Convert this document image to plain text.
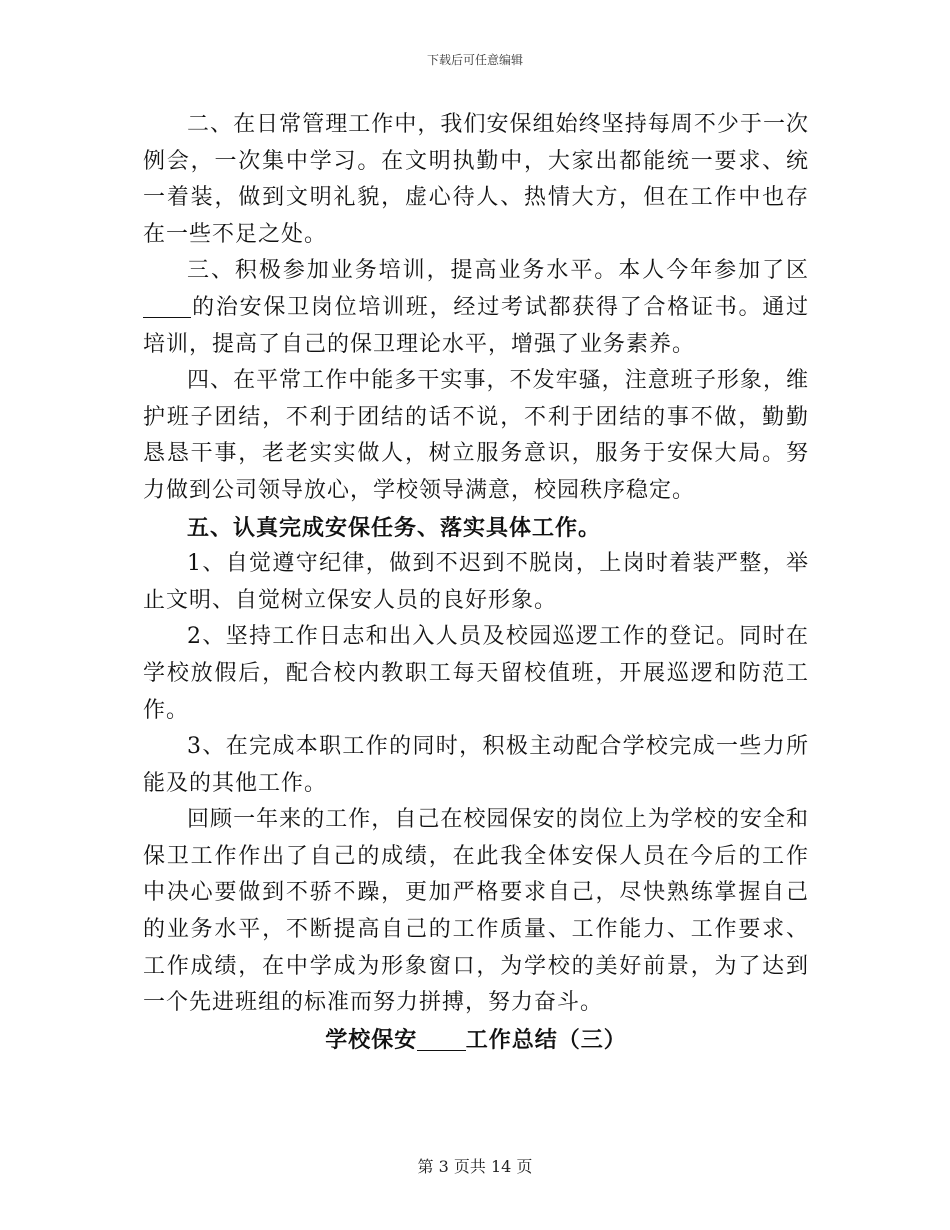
下载后可任意编辑

二、在日常管理工作中，我们安保组始终坚持每周不少于一次例会，一次集中学习。在文明执勤中，大家出都能统一要求、统一着装，做到文明礼貌，虚心待人、热情大方，但在工作中也存在一些不足之处。

三、积极参加业务培训，提高业务水平。本人今年参加了区的治安保卫岗位培训班，经过考试都获得了合格证书。通过培训，提高了自己的保卫理论水平，增强了业务素养。

四、在平常工作中能多干实事，不发牢骚，注意班子形象，维护班子团结，不利于团结的话不说，不利于团结的事不做，勤勤恳恳干事，老老实实做人，树立服务意识，服务于安保大局。努力做到公司领导放心，学校领导满意，校园秩序稳定。

五、认真完成安保任务、落实具体工作。

1、自觉遵守纪律，做到不迟到不脱岗，上岗时着装严整，举止文明、自觉树立保安人员的良好形象。

2、坚持工作日志和出入人员及校园巡逻工作的登记。同时在学校放假后，配合校内教职工每天留校值班，开展巡逻和防范工作。

3、在完成本职工作的同时，积极主动配合学校完成一些力所能及的其他工作。

回顾一年来的工作，自己在校园保安的岗位上为学校的安全和保卫工作作出了自己的成绩，在此我全体安保人员在今后的工作中决心要做到不骄不躁，更加严格要求自己，尽快熟练掌握自己的业务水平，不断提高自己的工作质量、工作能力、工作要求、工作成绩，在中学成为形象窗口，为学校的美好前景，为了达到一个先进班组的标准而努力拼搏，努力奋斗。

学校保安 工作总结（三）

第 3 页共 14 页
